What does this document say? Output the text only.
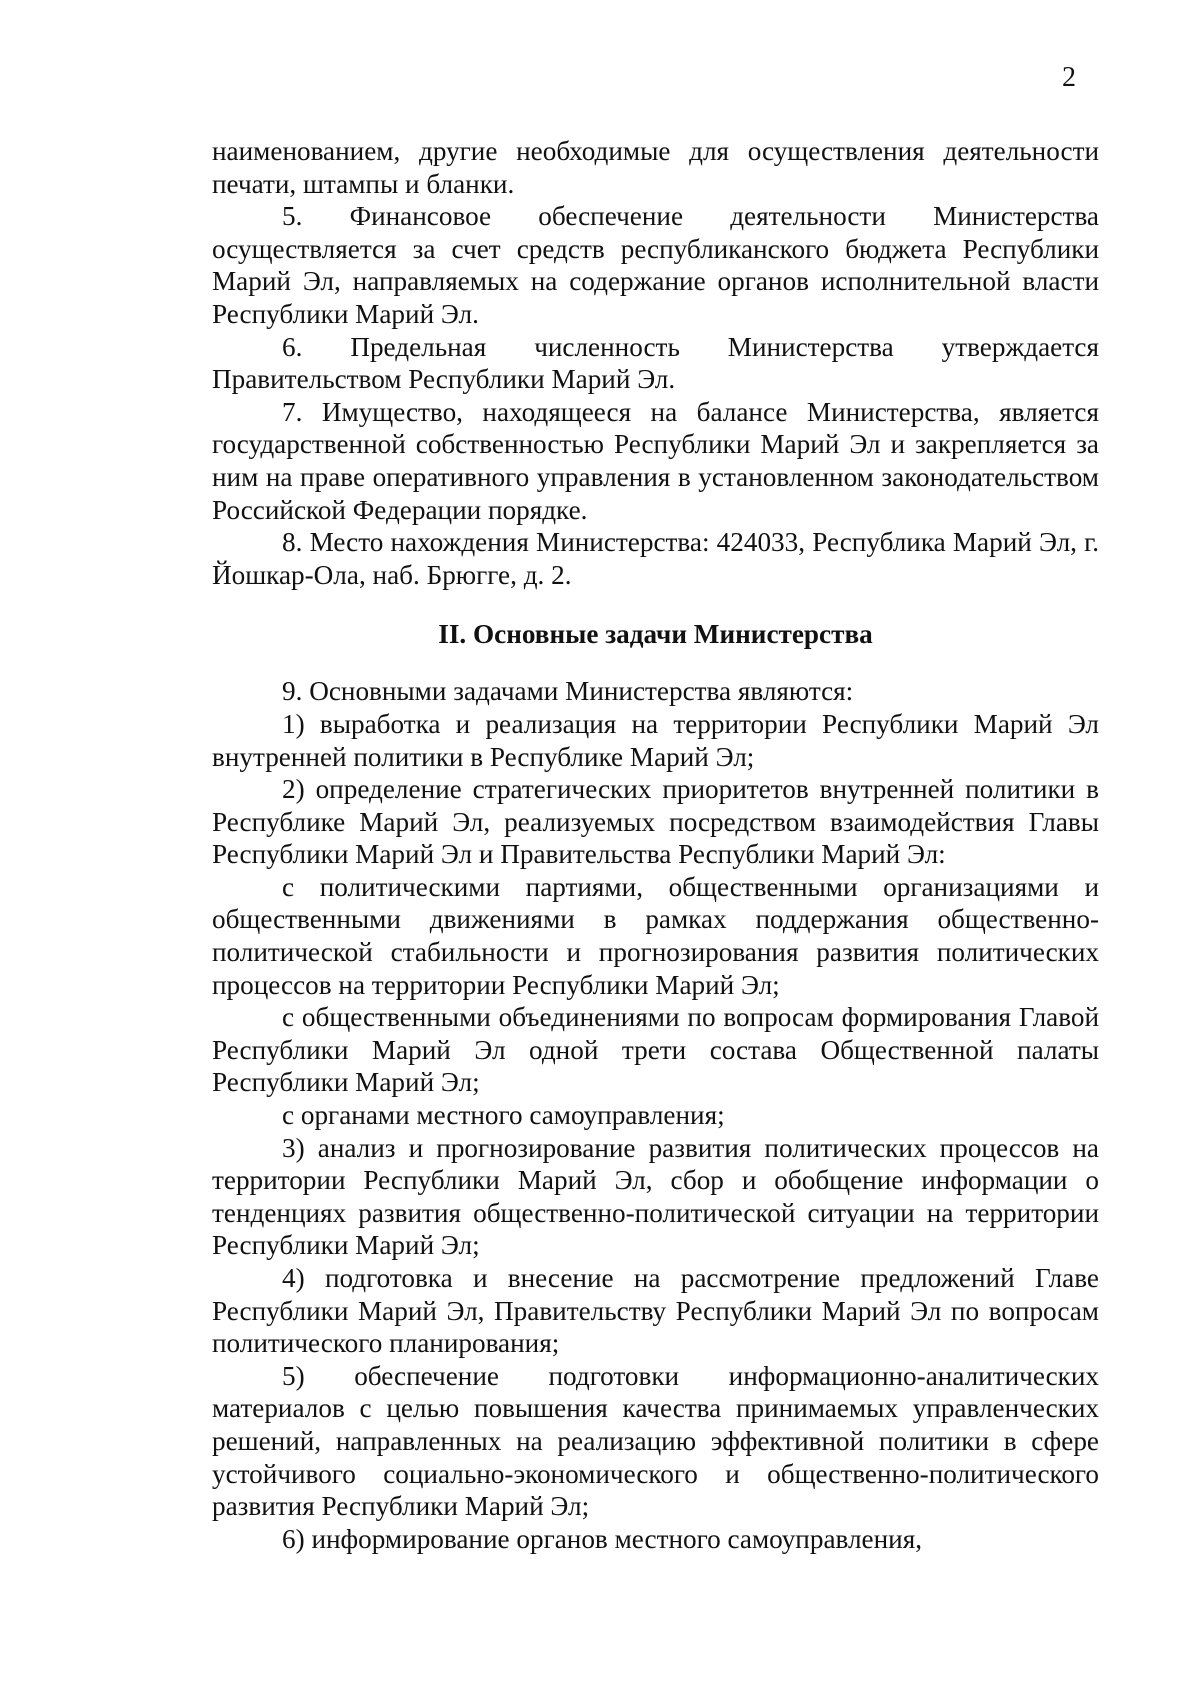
2

наименованием, другие необходимые для осуществления деятельности печати, штампы и бланки.

5. Финансовое обеспечение деятельности Министерства осуществляется за счет средств республиканского бюджета Республики Марий Эл, направляемых на содержание органов исполнительной власти Республики Марий Эл.

6. Предельная численность Министерства утверждается Правительством Республики Марий Эл.

7. Имущество, находящееся на балансе Министерства, является государственной собственностью Республики Марий Эл и закрепляется за ним на праве оперативного управления в установленном законодательством Российской Федерации порядке.

8. Место нахождения Министерства: 424033, Республика Марий Эл, г. Йошкар-Ола, наб. Брюгге, д. 2.

II. Основные задачи Министерства

9. Основными задачами Министерства являются:

1) выработка и реализация на территории Республики Марий Эл внутренней политики в Республике Марий Эл;

2) определение стратегических приоритетов внутренней политики в Республике Марий Эл, реализуемых посредством взаимодействия Главы Республики Марий Эл и Правительства Республики Марий Эл:

с политическими партиями, общественными организациями и общественными движениями в рамках поддержания общественно-политической стабильности и прогнозирования развития политических процессов на территории Республики Марий Эл;

с общественными объединениями по вопросам формирования Главой Республики Марий Эл одной трети состава Общественной палаты Республики Марий Эл;

с органами местного самоуправления;

3) анализ и прогнозирование развития политических процессов на территории Республики Марий Эл, сбор и обобщение информации о тенденциях развития общественно-политической ситуации на территории Республики Марий Эл;

4) подготовка и внесение на рассмотрение предложений Главе Республики Марий Эл, Правительству Республики Марий Эл по вопросам политического планирования;

5) обеспечение подготовки информационно-аналитических материалов с целью повышения качества принимаемых управленческих решений, направленных на реализацию эффективной политики в сфере устойчивого социально-экономического и общественно-политического развития Республики Марий Эл;

6) информирование органов местного самоуправления,
